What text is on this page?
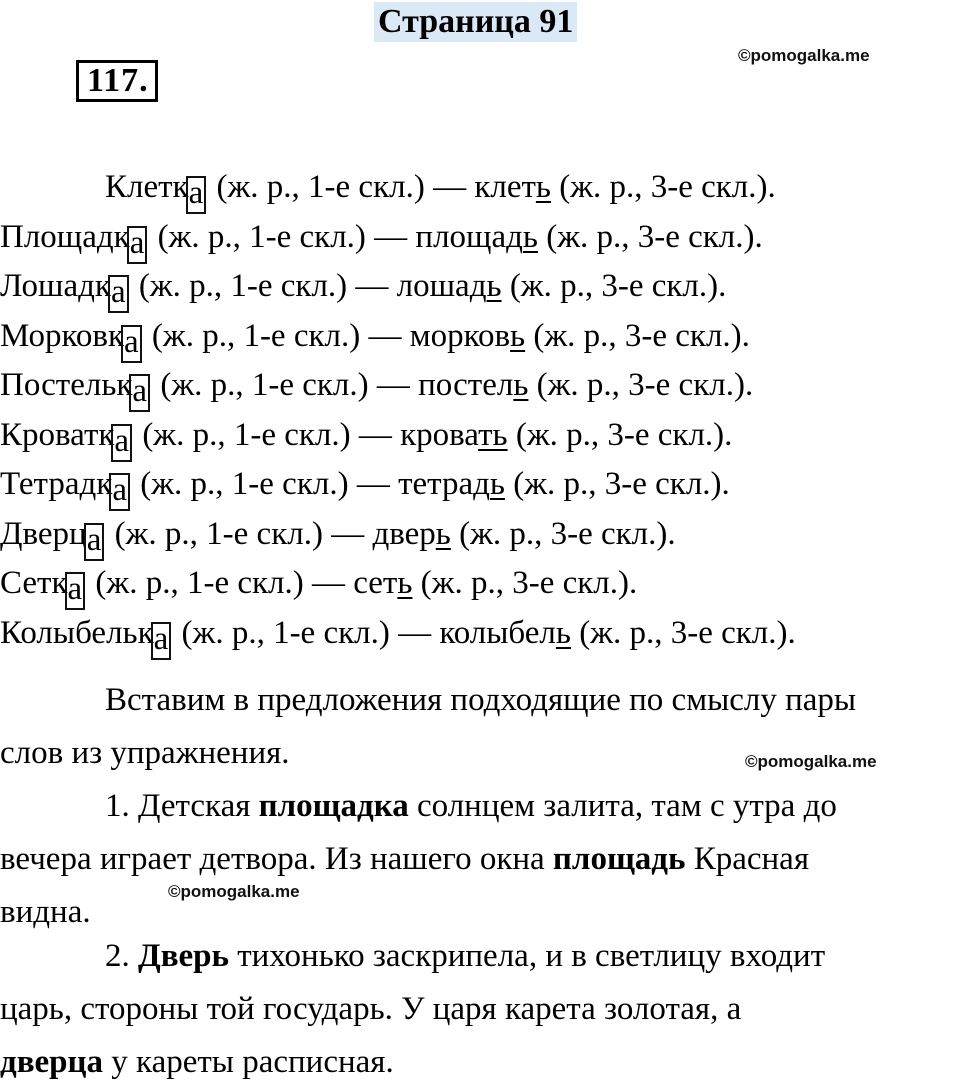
Страница 91
117.
©pomogalka.me
Клетка (ж. р., 1-е скл.) — клеть (ж. р., 3-е скл.).
Площадка (ж. р., 1-е скл.) — площадь (ж. р., 3-е скл.).
Лошадка (ж. р., 1-е скл.) — лошадь (ж. р., 3-е скл.).
Морковка (ж. р., 1-е скл.) — морковь (ж. р., 3-е скл.).
Постелька (ж. р., 1-е скл.) — постель (ж. р., 3-е скл.).
Кроватка (ж. р., 1-е скл.) — кровать (ж. р., 3-е скл.).
Тетрадка (ж. р., 1-е скл.) — тетрадь (ж. р., 3-е скл.).
Дверца (ж. р., 1-е скл.) — дверь (ж. р., 3-е скл.).
Сетка (ж. р., 1-е скл.) — сеть (ж. р., 3-е скл.).
Колыбелька (ж. р., 1-е скл.) — колыбель (ж. р., 3-е скл.).
Вставим в предложения подходящие по смыслу пары
слов из упражнения.	©pomogalka.me
1. Детская площадка солнцем залита, там с утра до
вечера играет детвора. Из нашего окна площадь Красная
видна.
©pomogalka.me
2. Дверь тихонько заскрипела, и в светлицу входит
царь, стороны той государь. У царя карета золотая, а
дверца у кареты расписная.
